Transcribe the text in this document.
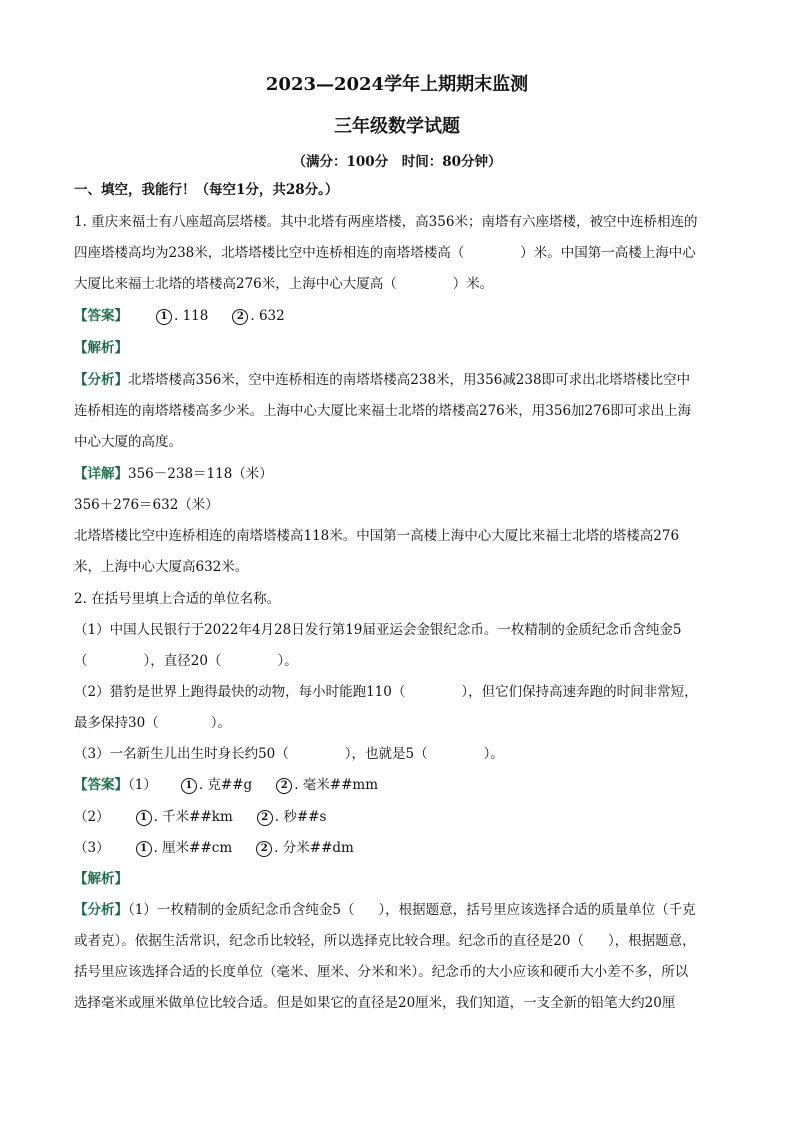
2023—2024学年上期期末监测
三年级数学试题
（满分：100分　时间：80分钟）
一、填空，我能行！（每空1分，共28分。）
1. 重庆来福士有八座超高层塔楼。其中北塔有两座塔楼，高356米；南塔有六座塔楼，被空中连桥相连的
四座塔楼高均为238米，北塔塔楼比空中连桥相连的南塔塔楼高（	）米。中国第一高楼上海中心
大厦比来福士北塔的塔楼高276米，上海中心大厦高（	）米。
【答案】	1 . 118	2 . 632
【解析】
【分析】北塔塔楼高356米，空中连桥相连的南塔塔楼高238米，用356减238即可求出北塔塔楼比空中
连桥相连的南塔塔楼高多少米。上海中心大厦比来福士北塔的塔楼高276米，用356加276即可求出上海
中心大厦的高度。
【详解】356－238＝118（米）
356＋276＝632（米）
北塔塔楼比空中连桥相连的南塔塔楼高118米。中国第一高楼上海中心大厦比来福士北塔的塔楼高276
米，上海中心大厦高632米。
2. 在括号里填上合适的单位名称。
（1）中国人民银行于2022年4月28日发行第19届亚运会金银纪念币。一枚精制的金质纪念币含纯金5
（	），直径20（	）。
（2）猎豹是世界上跑得最快的动物，每小时能跑110（	），但它们保持高速奔跑的时间非常短，
最多保持30（	）。
（3）一名新生儿出生时身长约50（	），也就是5（	）。
【答案】（1）	1 . 克##g	2 . 毫米##mm
（2）	1 . 千米##km	2 . 秒##s
（3）	1 . 厘米##cm	2 . 分米##dm
【解析】
【分析】（1）一枚精制的金质纪念币含纯金5（ ），根据题意，括号里应该选择合适的质量单位（千克
或者克）。依据生活常识，纪念币比较轻，所以选择克比较合理。纪念币的直径是20（ ），根据题意，
括号里应该选择合适的长度单位（毫米、厘米、分米和米）。纪念币的大小应该和硬币大小差不多，所以
选择毫米或厘米做单位比较合适。但是如果它的直径是20厘米，我们知道，一支全新的铅笔大约20厘
